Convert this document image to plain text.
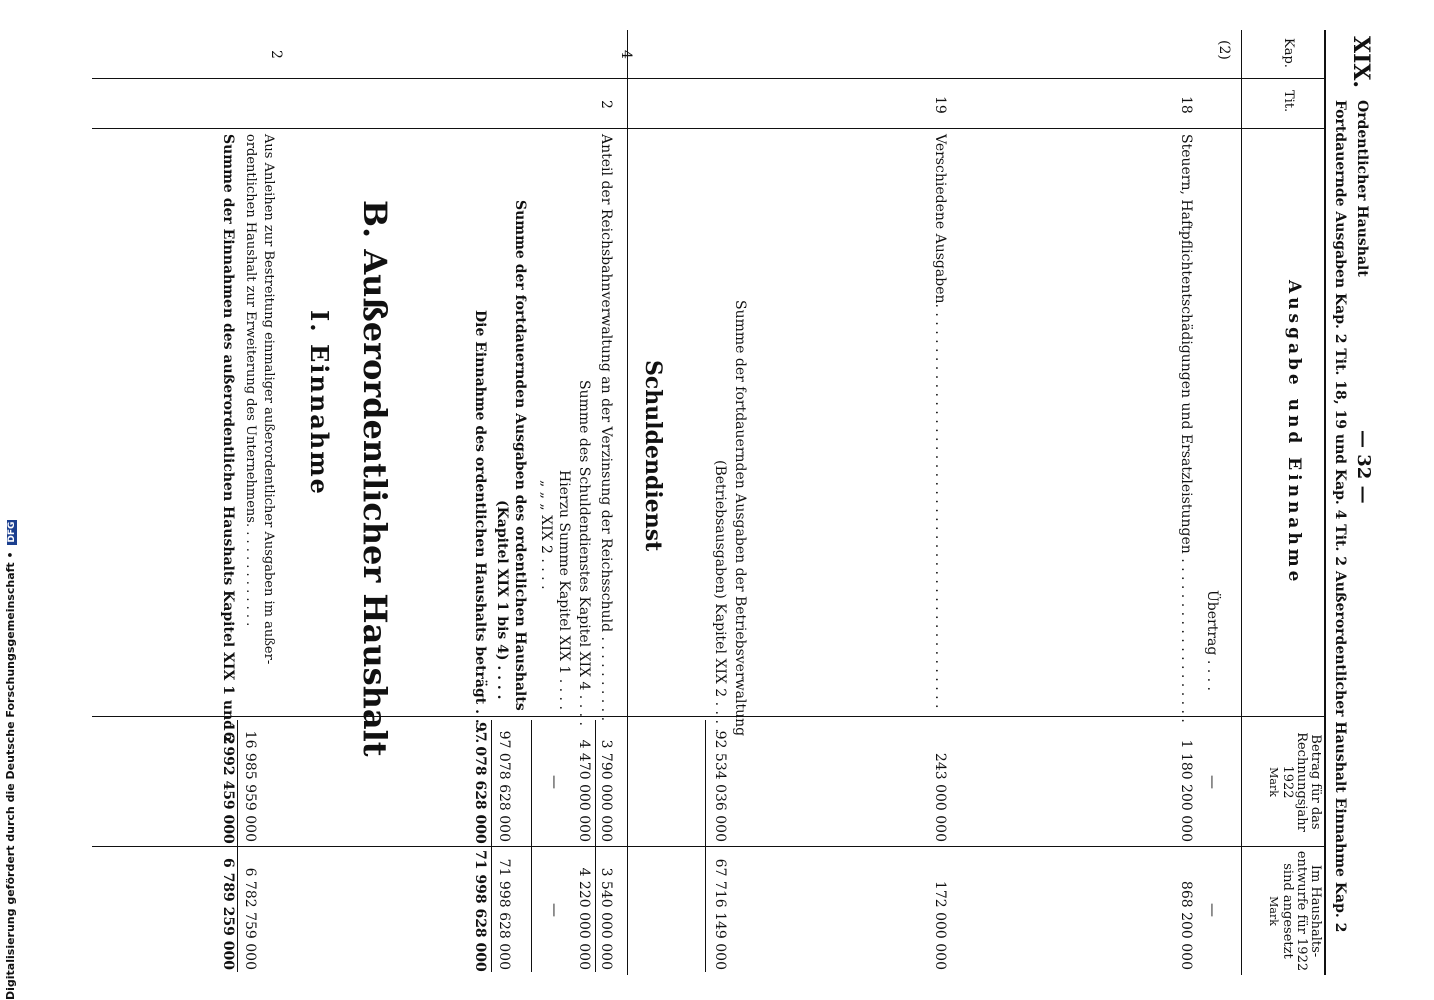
XIX.
Ordentlicher Haushalt
— 32 —
Fortdauernde Ausgaben Kap. 2 Tit. 18, 19 und Kap. 4 Tit. 2 Außerordentlicher Haushalt Einnahme Kap. 2
Kap.
Tit.
Ausgabe und Einnahme
Betrag für das Rechnungsjahr 1922
Mark
Im Haushalts-entwurfe für 1922 sind angesetzt
Mark
(2)
Übertrag . . . .
—
—
18
Steuern, Haftpflichtentschädigungen und Ersatzleistungen . . . . . . . . . . . . . . . . . . .
1 180 200 000
868 200 000
19
Verschiedene Ausgaben. . . . . . . . . . . . . . . . . . . . . . . . . . . . . . . . . . . . . . . . . . . . . .
243 000 000
172 000 000
Summe der fortdauernden Ausgaben der Betriebsverwaltung
(Betriebsausgaben) Kapitel XIX 2 . . . .
92 534 036 000
67 716 149 000
Schuldendienst
4
2
Anteil der Reichsbahnverwaltung an der Verzinsung der Reichsschuld . . . . . . . . . .
3 790 000 000
3 540 000 000
Summe des Schuldendienstes Kapitel XIX 4 . . . .
4 470 000 000
4 220 000 000
Hierzu Summe Kapitel XIX 1 . . . .
„ „ „ XIX 2 . . . .
—
—
Summe der fortdauernden Ausgaben des ordentlichen Haushalts
(Kapitel XIX 1 bis 4) . . . .
97 078 628 000
71 998 628 000
Die Einnahme des ordentlichen Haushalts beträgt . . . .
97 078 628 000
71 998 628 000
B. Außerordentlicher Haushalt
I. Einnahme
2
Aus Anleihen zur Bestreitung einmaliger außerordentlicher Ausgaben im außer-
ordentlichen Haushalt zur Erweiterung des Unternehmens. . . . . . . . . . . . .
16 985 959 000
6 782 759 000
Summe der Einnahmen des außerordentlichen Haushalts Kapitel XIX 1 und 2
16 992 459 000
6 789 259 000
Digitalisierung gefördert durch die Deutsche Forschungsgemeinschaft • DFG
